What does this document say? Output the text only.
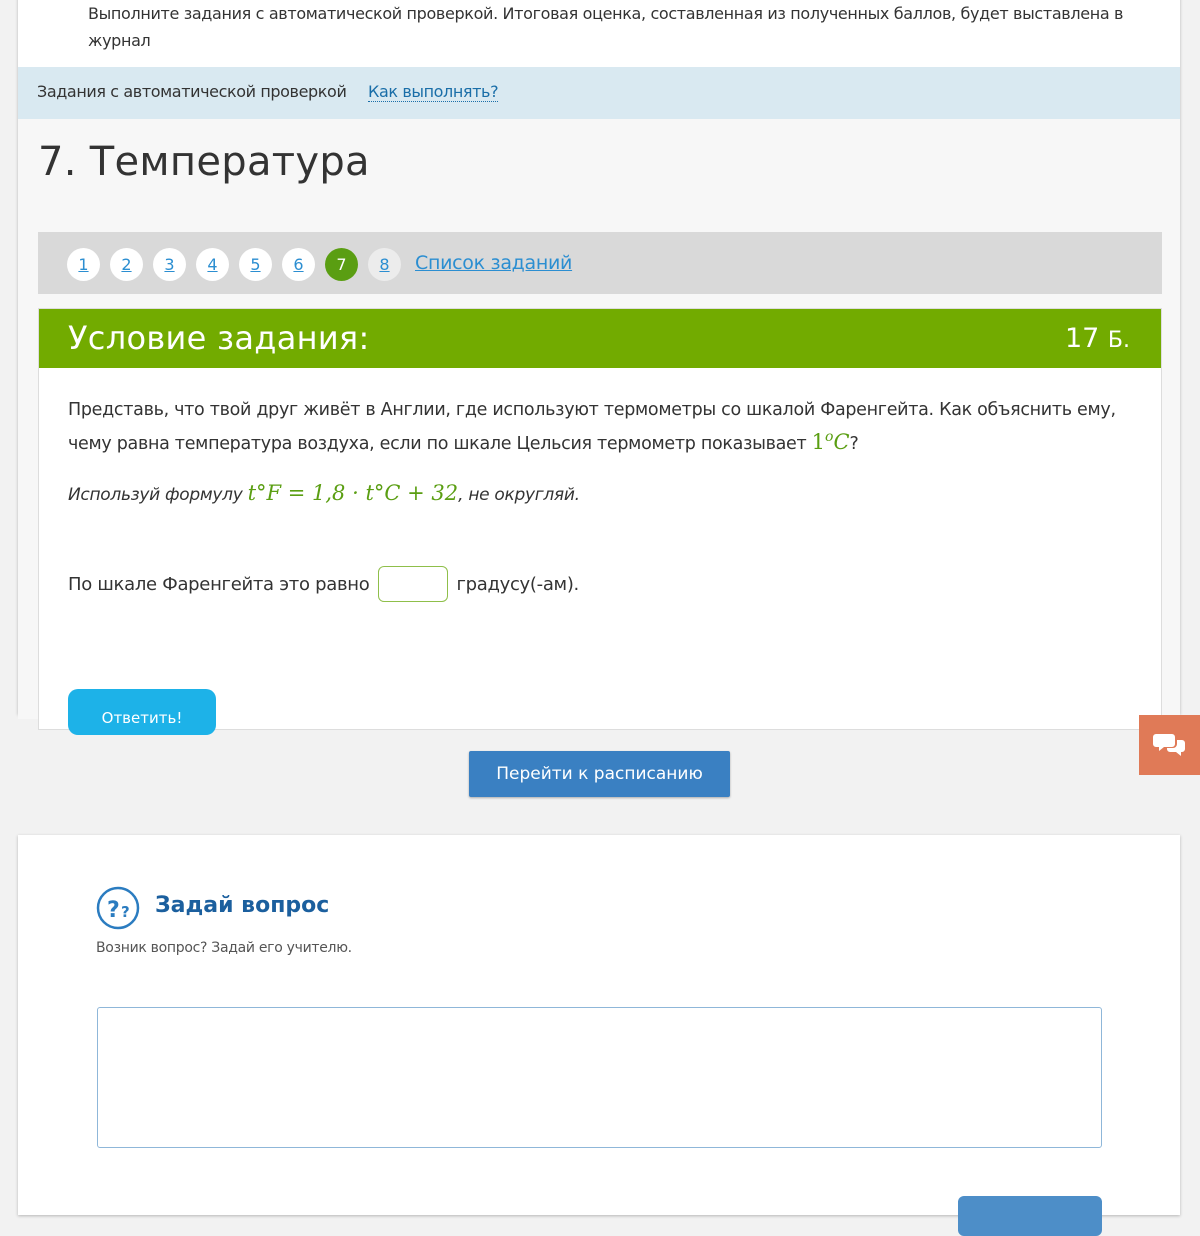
Выполните задания с автоматической проверкой. Итоговая оценка, составленная из полученных баллов, будет выставлена в журнал

Задания с автоматической проверкой Как выполнять?
7. Температура
1	2	3	4	5	6	7	8	Список заданий
Условие задания:	17 Б.

Представь, что твой друг живёт в Англии, где используют термометры со шкалой Фаренгейта. Как объяснить ему, чему равна температура воздуха, если по шкале Цельсия термометр показывает 1$^o$C?

Используй формулу t°F = 1,8 · t°C + 32, не округляй.
По шкале Фаренгейта это равно	градусу(-ам).
Ответить!
Перейти к расписанию
? ? Задай вопрос
Возник вопрос? Задай его учителю.
